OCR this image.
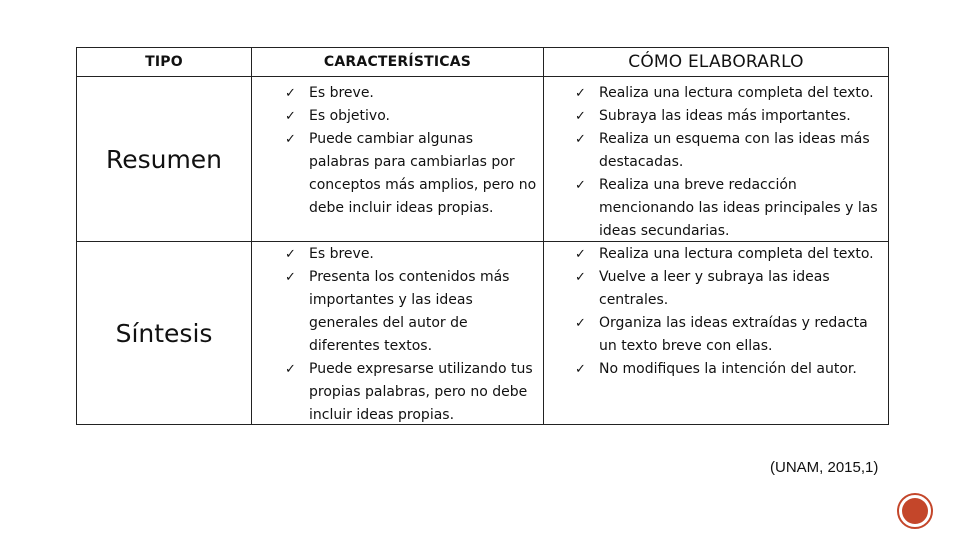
TIPO	CARACTERÍSTICAS	CÓMO ELABORARLO
Resumen
Síntesis
✓ Es breve.
✓ Es objetivo.
✓ Puede cambiar algunas palabras para cambiarlas por conceptos más amplios, pero no debe incluir ideas propias.
✓ Realiza una lectura completa del texto.
✓ Subraya las ideas más importantes.
✓ Realiza un esquema con las ideas más destacadas.
✓ Realiza una breve redacción mencionando las ideas principales y las ideas secundarias.
✓ Es breve.
✓ Presenta los contenidos más importantes y las ideas generales del autor de diferentes textos.
✓ Puede expresarse utilizando tus propias palabras, pero no debe incluir ideas propias.
✓ Realiza una lectura completa del texto.
✓ Vuelve a leer y subraya las ideas centrales.
✓ Organiza las ideas extraídas y redacta un texto breve con ellas.
✓ No modifiques la intención del autor.
(UNAM, 2015,1)
